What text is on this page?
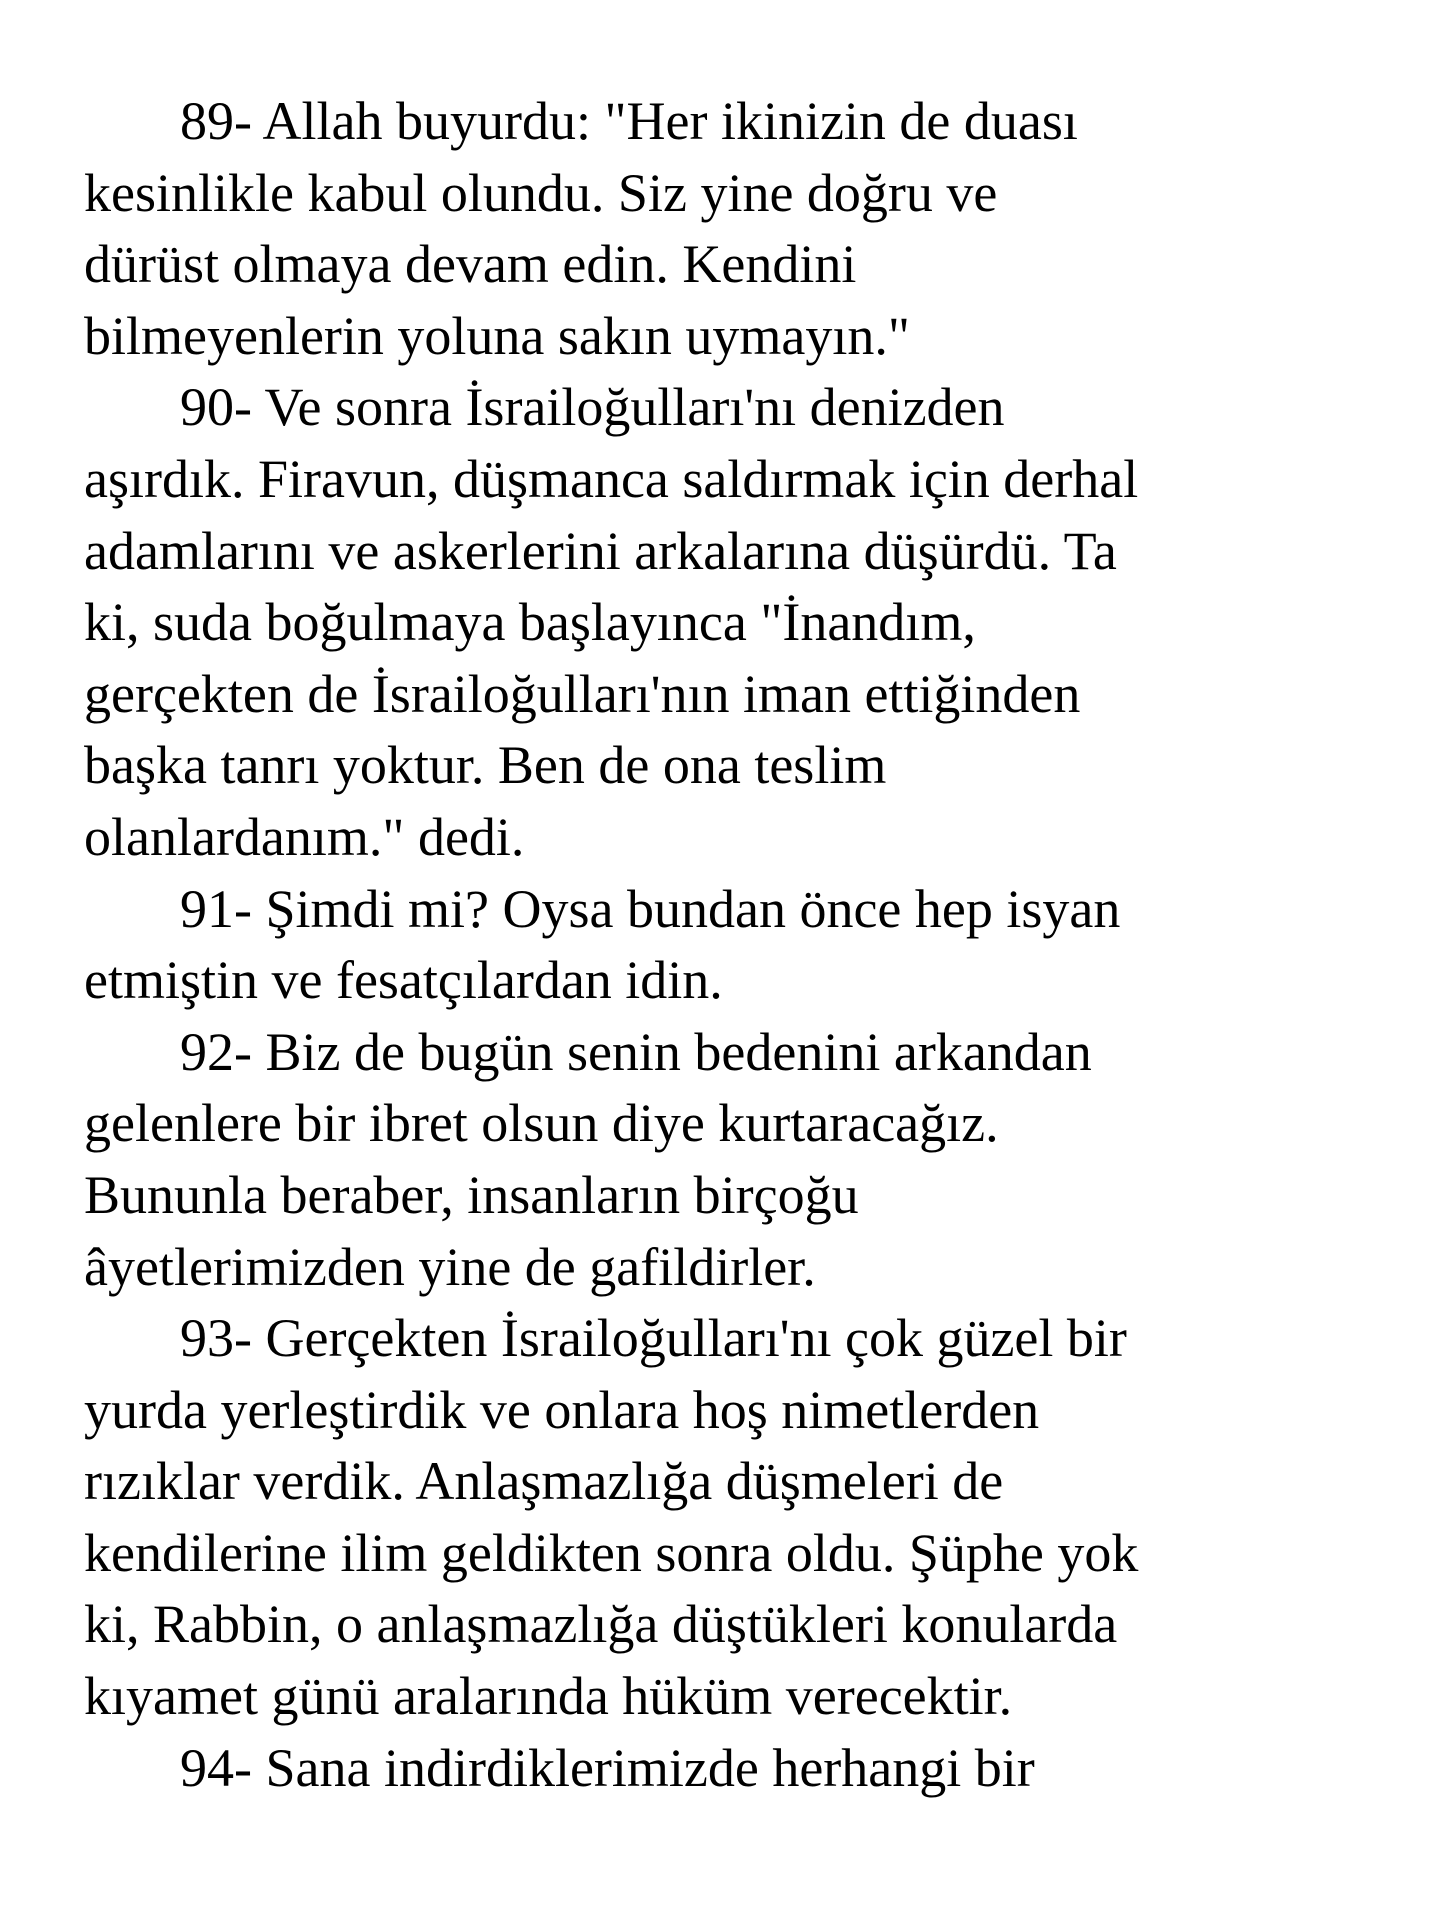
89- Allah buyurdu: "Her ikinizin de duası
kesinlikle kabul olundu. Siz yine doğru ve
dürüst olmaya devam edin. Kendini
bilmeyenlerin yoluna sakın uymayın."
90- Ve sonra İsrailoğulları'nı denizden
aşırdık. Firavun, düşmanca saldırmak için derhal
adamlarını ve askerlerini arkalarına düşürdü. Ta
ki, suda boğulmaya başlayınca "İnandım,
gerçekten de İsrailoğulları'nın iman ettiğinden
başka tanrı yoktur. Ben de ona teslim
olanlardanım." dedi.
91- Şimdi mi? Oysa bundan önce hep isyan
etmiştin ve fesatçılardan idin.
92- Biz de bugün senin bedenini arkandan
gelenlere bir ibret olsun diye kurtaracağız.
Bununla beraber, insanların birçoğu
âyetlerimizden yine de gafildirler.
93- Gerçekten İsrailoğulları'nı çok güzel bir
yurda yerleştirdik ve onlara hoş nimetlerden
rızıklar verdik. Anlaşmazlığa düşmeleri de
kendilerine ilim geldikten sonra oldu. Şüphe yok
ki, Rabbin, o anlaşmazlığa düştükleri konularda
kıyamet günü aralarında hüküm verecektir.
94- Sana indirdiklerimizde herhangi bir
